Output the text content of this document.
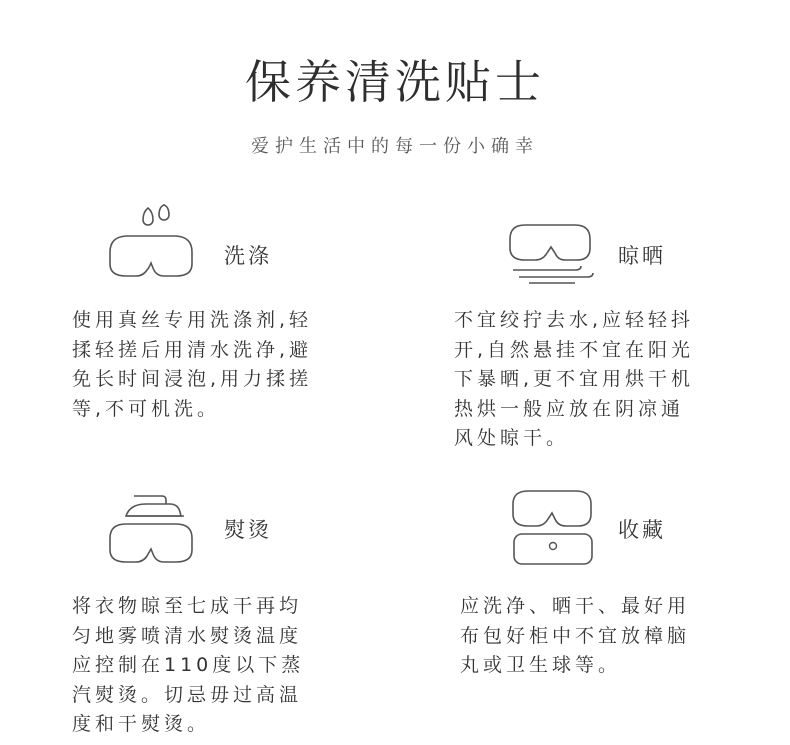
保养清洗贴士
爱护生活中的每一份小确幸
洗涤
使用真丝专用洗涤剂,轻
揉轻搓后用清水洗净,避
免长时间浸泡,用力揉搓
等,不可机洗。
晾晒
不宜绞拧去水,应轻轻抖
开,自然悬挂不宜在阳光
下暴晒,更不宜用烘干机
热烘一般应放在阴凉通
风处晾干。
熨烫
将衣物晾至七成干再均
匀地雾喷清水熨烫温度
应控制在110度以下蒸
汽熨烫。切忌毋过高温
度和干熨烫。
收藏
应洗净、晒干、最好用
布包好柜中不宜放樟脑
丸或卫生球等。
